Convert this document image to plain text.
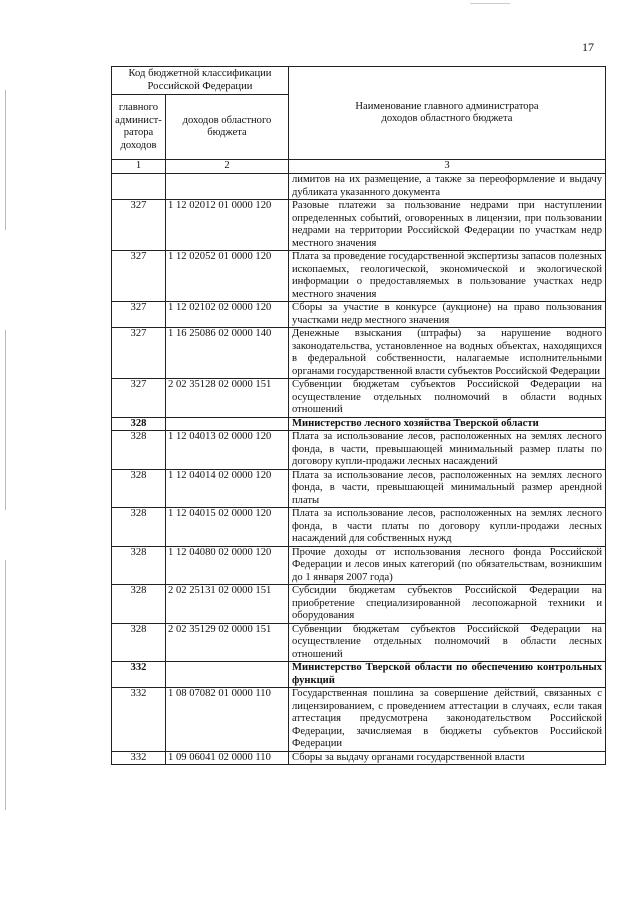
17
Код бюджетной классификации Российской Федерации		Наименование главного администратора доходов областного бюджета
главного админист-ратора доходов	доходов областного бюджета	
1	2	3
		лимитов на их размещение, а также за переоформление и выдачу дубликата указанного документа
327	1 12 02012 01 0000 120	Разовые платежи за пользование недрами при наступлении определенных событий, оговоренных в лицензии, при пользовании недрами на территории Российской Федерации по участкам недр местного значения
327	1 12 02052 01 0000 120	Плата за проведение государственной экспертизы запасов полезных ископаемых, геологической, экономической и экологической информации о предоставляемых в пользование участках недр местного значения
327	1 12 02102 02 0000 120	Сборы за участие в конкурсе (аукционе) на право пользования участками недр местного значения
327	1 16 25086 02 0000 140	Денежные взыскания (штрафы) за нарушение водного законодательства, установленное на водных объектах, находящихся в федеральной собственности, налагаемые исполнительными органами государственной власти субъектов Российской Федерации
327	2 02 35128 02 0000 151	Субвенции бюджетам субъектов Российской Федерации на осуществление отдельных полномочий в области водных отношений
328		Министерство лесного хозяйства Тверской области
328	1 12 04013 02 0000 120	Плата за использование лесов, расположенных на землях лесного фонда, в части, превышающей минимальный размер платы по договору купли-продажи лесных насаждений
328	1 12 04014 02 0000 120	Плата за использование лесов, расположенных на землях лесного фонда, в части, превышающей минимальный размер арендной платы
328	1 12 04015 02 0000 120	Плата за использование лесов, расположенных на землях лесного фонда, в части платы по договору купли-продажи лесных насаждений для собственных нужд
328	1 12 04080 02 0000 120	Прочие доходы от использования лесного фонда Российской Федерации и лесов иных категорий (по обязательствам, возникшим до 1 января 2007 года)
328	2 02 25131 02 0000 151	Субсидии бюджетам субъектов Российской Федерации на приобретение специализированной лесопожарной техники и оборудования
328	2 02 35129 02 0000 151	Субвенции бюджетам субъектов Российской Федерации на осуществление отдельных полномочий в области лесных отношений
332		Министерство Тверской области по обеспечению контрольных функций
332	1 08 07082 01 0000 110	Государственная пошлина за совершение действий, связанных с лицензированием, с проведением аттестации в случаях, если такая аттестация предусмотрена законодательством Российской Федерации, зачисляемая в бюджеты субъектов Российской Федерации
332	1 09 06041 02 0000 110	Сборы за выдачу органами государственной власти
